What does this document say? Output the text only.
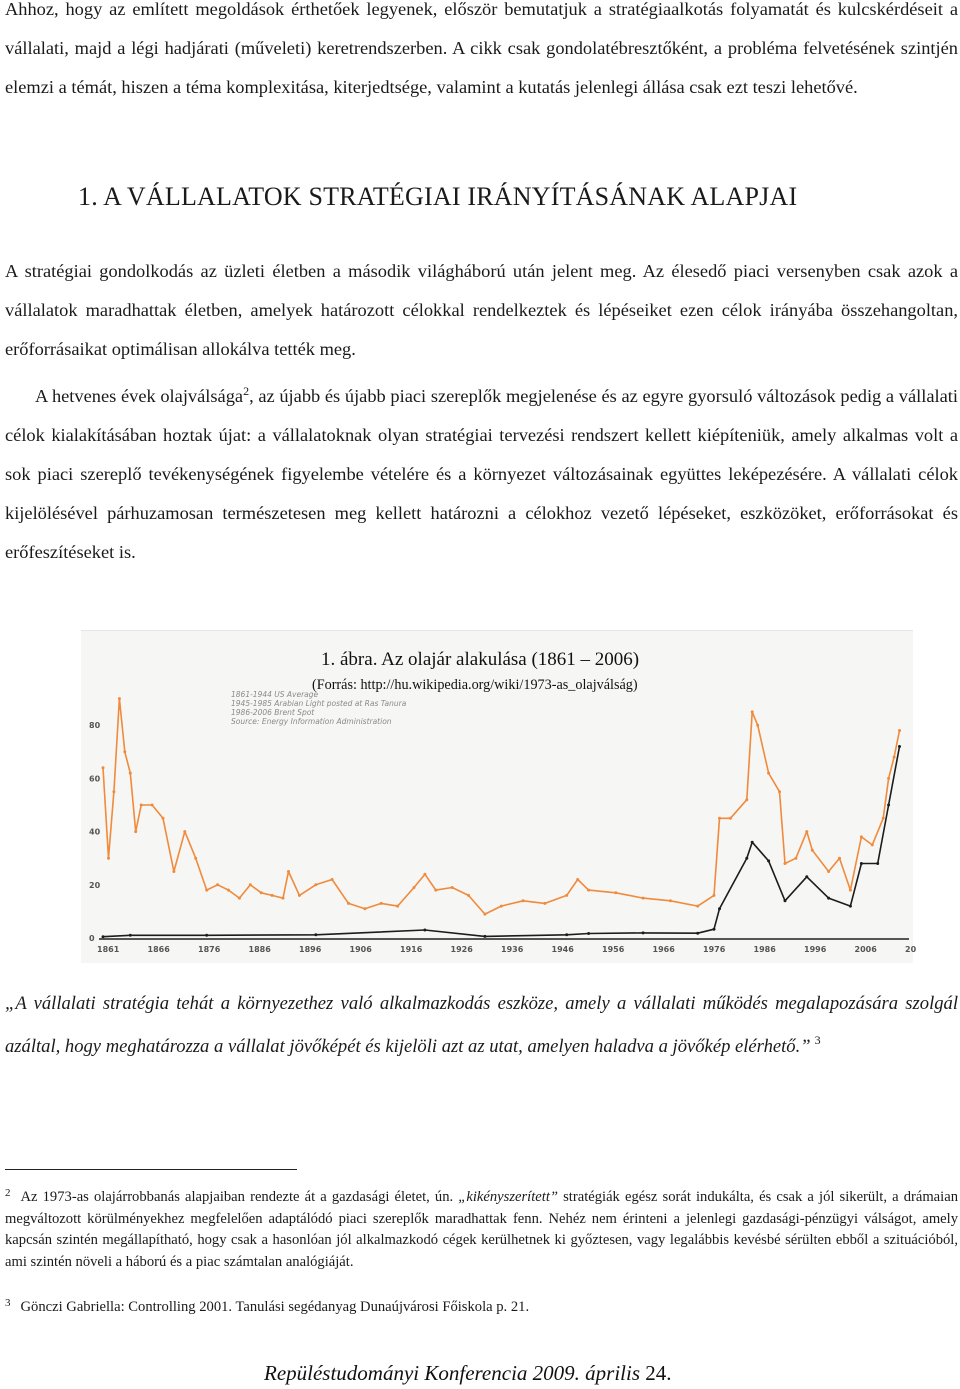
Ahhoz, hogy az említett megoldások érthetőek legyenek, először bemutatjuk a stratégiaalkotás folyamatát és kulcskérdéseit a vállalati, majd a légi hadjárati (műveleti) keretrendszerben. A cikk csak gondolatébresztőként, a probléma felvetésének szintjén elemzi a témát, hiszen a téma komplexitása, kiterjedtsége, valamint a kutatás jelenlegi állása csak ezt teszi lehetővé.

1. A VÁLLALATOK STRATÉGIAI IRÁNYÍTÁSÁNAK ALAPJAI

A stratégiai gondolkodás az üzleti életben a második világháború után jelent meg. Az élesedő piaci versenyben csak azok a vállalatok maradhattak életben, amelyek határozott célokkal rendelkeztek és lépéseiket ezen célok irányába összehangoltan, erőforrásaikat optimálisan allokálva tették meg.

A hetvenes évek olajválsága$^2$, az újabb és újabb piaci szereplők megjelenése és az egyre gyorsuló változások pedig a vállalati célok kialakításában hoztak újat: a vállalatoknak olyan stratégiai tervezési rendszert kellett kiépíteniük, amely alkalmas volt a sok piaci szereplő tevékenységének figyelembe vételére és a környezet változásainak együttes leképezésére. A vállalati célok kijelölésével párhuzamosan természetesen meg kellett határozni a célokhoz vezető lépéseket, eszközöket, erőforrásokat és erőfeszítéseket is.

1861-1944 US Average
1945-1985 Arabian Light posted at Ras Tanura
1986-2006 Brent Spot
Source: Energy Information Administration
80
60
40
20
0
1861	1866	1876	1886	1896	1906	1916	1926	1936	1946	1956	1966	1976	1986	1996	2006	20
1. ábra. Az olajár alakulása (1861 – 2006)
(Forrás: http://hu.wikipedia.org/wiki/1973-as_olajválság)

„A vállalati stratégia tehát a környezethez való alkalmazkodás eszköze, amely a vállalati működés megalapozására szolgál azáltal, hogy meghatározza a vállalat jövőképét és kijelöli azt az utat, amelyen haladva a jövőkép elérhető.” $^3$

$^2$ Az 1973-as olajárrobbanás alapjaiban rendezte át a gazdasági életet, ún. „kikényszerített” stratégiák egész sorát indukálta, és csak a jól sikerült, a drámaian megváltozott körülményekhez megfelelően adaptálódó piaci szereplők maradhattak fenn. Nehéz nem érinteni a jelenlegi gazdasági-pénzügyi válságot, amely kapcsán szintén megállapítható, hogy csak a hasonlóan jól alkalmazkodó cégek kerülhetnek ki győztesen, vagy legalábbis kevésbé sérülten ebből a szituációból, ami szintén növeli a háború és a piac számtalan analógiáját.

$^3$ Gönczi Gabriella: Controlling 2001. Tanulási segédanyag Dunaújvárosi Főiskola p. 21.

Repüléstudományi Konferencia 2009. április 24.
